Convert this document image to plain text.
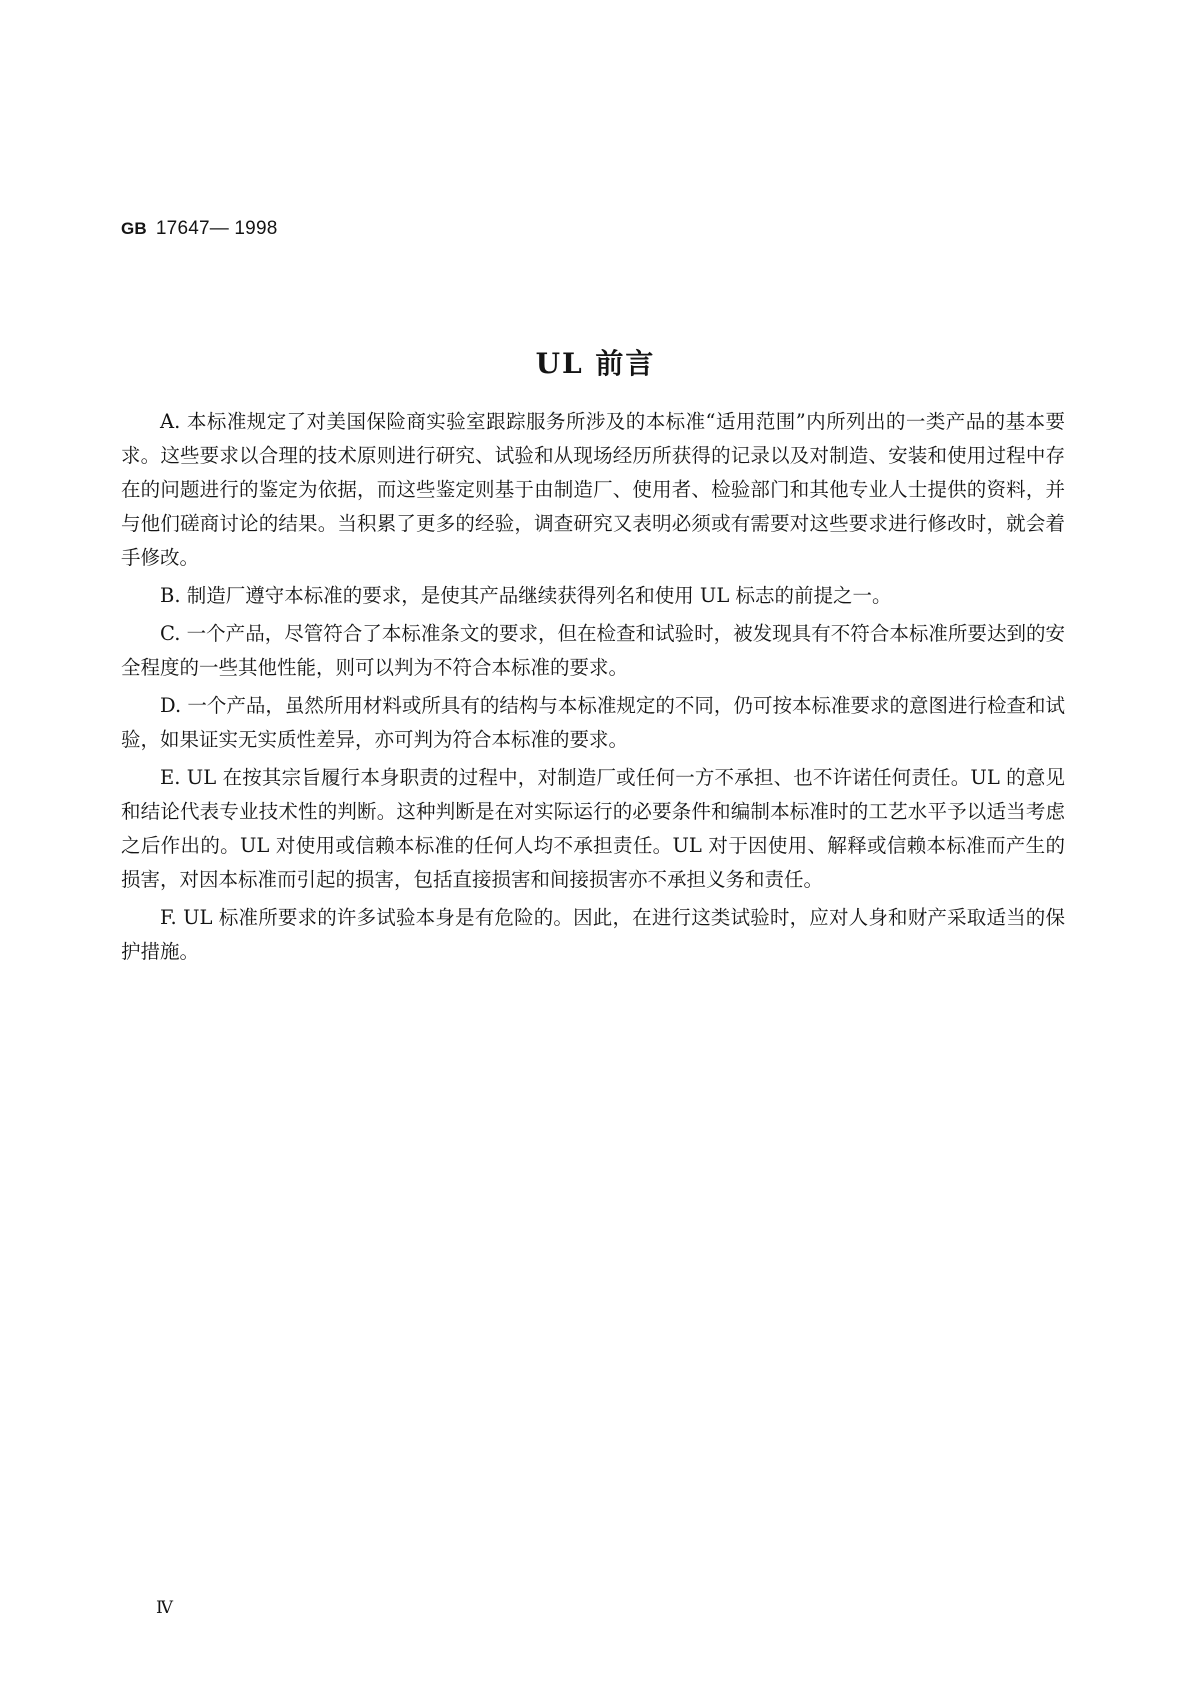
GB 17647— 1998
UL 前言

A. 本标准规定了对美国保险商实验室跟踪服务所涉及的本标准“适用范围”内所列出的一类产品的基本要求。这些要求以合理的技术原则进行研究、试验和从现场经历所获得的记录以及对制造、安装和使用过程中存在的问题进行的鉴定为依据，而这些鉴定则基于由制造厂、使用者、检验部门和其他专业人士提供的资料，并与他们磋商讨论的结果。当积累了更多的经验，调查研究又表明必须或有需要对这些要求进行修改时，就会着手修改。

B. 制造厂遵守本标准的要求，是使其产品继续获得列名和使用 UL 标志的前提之一。

C. 一个产品，尽管符合了本标准条文的要求，但在检查和试验时，被发现具有不符合本标准所要达到的安全程度的一些其他性能，则可以判为不符合本标准的要求。

D. 一个产品，虽然所用材料或所具有的结构与本标准规定的不同，仍可按本标准要求的意图进行检查和试验，如果证实无实质性差异，亦可判为符合本标准的要求。

E. UL 在按其宗旨履行本身职责的过程中，对制造厂或任何一方不承担、也不许诺任何责任。UL 的意见和结论代表专业技术性的判断。这种判断是在对实际运行的必要条件和编制本标准时的工艺水平予以适当考虑之后作出的。UL 对使用或信赖本标准的任何人均不承担责任。UL 对于因使用、解释或信赖本标准而产生的损害，对因本标准而引起的损害，包括直接损害和间接损害亦不承担义务和责任。

F. UL 标准所要求的许多试验本身是有危险的。因此，在进行这类试验时，应对人身和财产采取适当的保护措施。

Ⅳ
